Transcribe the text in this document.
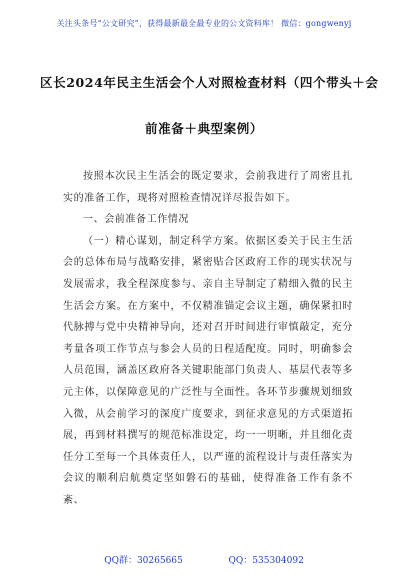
关注头条号“公文研究”，获得最新最全最专业的公文资料库！ 微信：gongwenyj
区长2024年民主生活会个人对照检查材料（四个带头＋会
前准备＋典型案例）

按照本次民主生活会的既定要求，会前我进行了周密且扎实的准备工作，现将对照检查情况详尽报告如下。

一、会前准备工作情况

（一）精心谋划，制定科学方案。依据区委关于民主生活会的总体布局与战略安排，紧密贴合区政府工作的现实状况与发展需求，我全程深度参与、亲自主导制定了精细入微的民主生活会方案。在方案中，不仅精准锚定会议主题，确保紧扣时代脉搏与党中央精神导向，还对召开时间进行审慎敲定，充分考量各项工作节点与参会人员的日程适配度。同时，明确参会人员范围，涵盖区政府各关键职能部门负责人、基层代表等多元主体，以保障意见的广泛性与全面性。各环节步骤规划细致入微，从会前学习的深度广度要求，到征求意见的方式渠道拓展，再到材料撰写的规范标准设定，均一一明晰，并且细化责任分工至每一个具体责任人，以严谨的流程设计与责任落实为会议的顺利启航奠定坚如磐石的基础，使得准备工作有条不紊、

QQ群：30265665	QQ：535304092
